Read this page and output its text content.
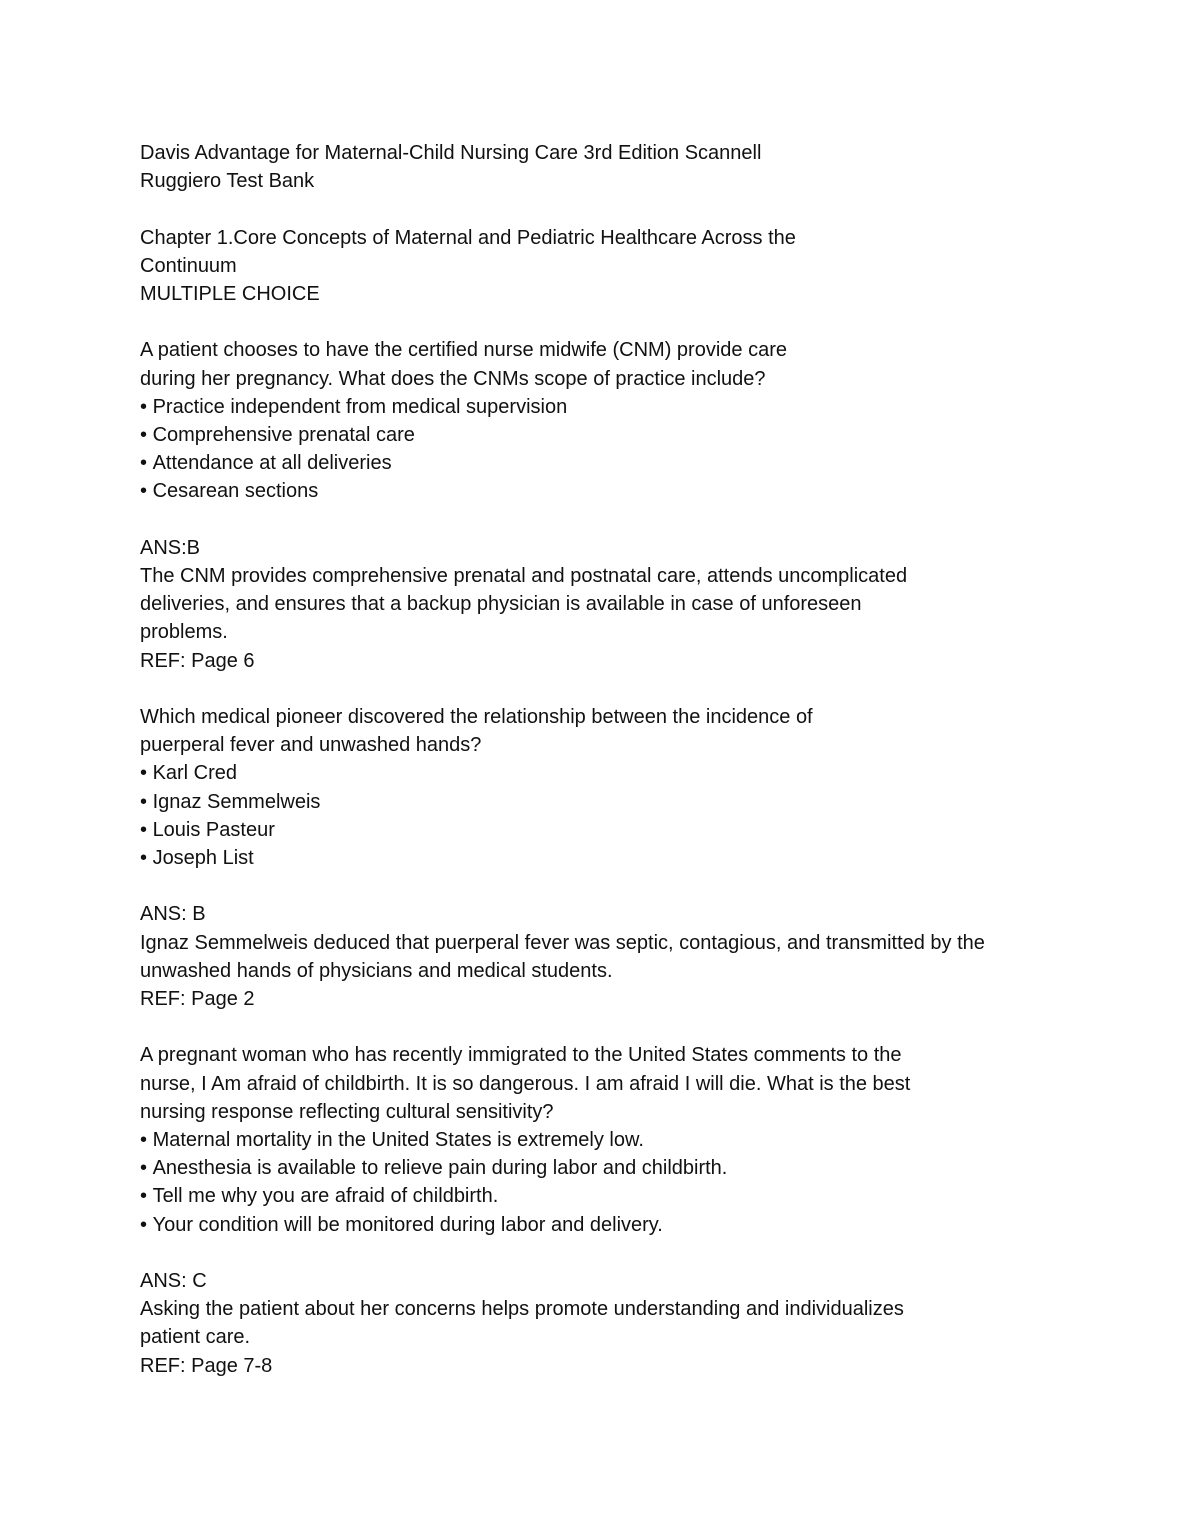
Davis Advantage for Maternal-Child Nursing Care 3rd Edition Scannell
Ruggiero Test Bank
Chapter 1.Core Concepts of Maternal and Pediatric Healthcare Across the
Continuum
MULTIPLE CHOICE
A patient chooses to have the certified nurse midwife (CNM) provide care
during her pregnancy. What does the CNMs scope of practice include?
• Practice independent from medical supervision
• Comprehensive prenatal care
• Attendance at all deliveries
• Cesarean sections
ANS:B
The CNM provides comprehensive prenatal and postnatal care, attends uncomplicated
deliveries, and ensures that a backup physician is available in case of unforeseen
problems.
REF: Page 6
Which medical pioneer discovered the relationship between the incidence of
puerperal fever and unwashed hands?
• Karl Cred
• Ignaz Semmelweis
• Louis Pasteur
• Joseph List
ANS: B
Ignaz Semmelweis deduced that puerperal fever was septic, contagious, and transmitted by the
unwashed hands of physicians and medical students.
REF: Page 2
A pregnant woman who has recently immigrated to the United States comments to the
nurse, I Am afraid of childbirth. It is so dangerous. I am afraid I will die. What is the best
nursing response reflecting cultural sensitivity?
• Maternal mortality in the United States is extremely low.
• Anesthesia is available to relieve pain during labor and childbirth.
• Tell me why you are afraid of childbirth.
• Your condition will be monitored during labor and delivery.
ANS: C
Asking the patient about her concerns helps promote understanding and individualizes
patient care.
REF: Page 7-8
